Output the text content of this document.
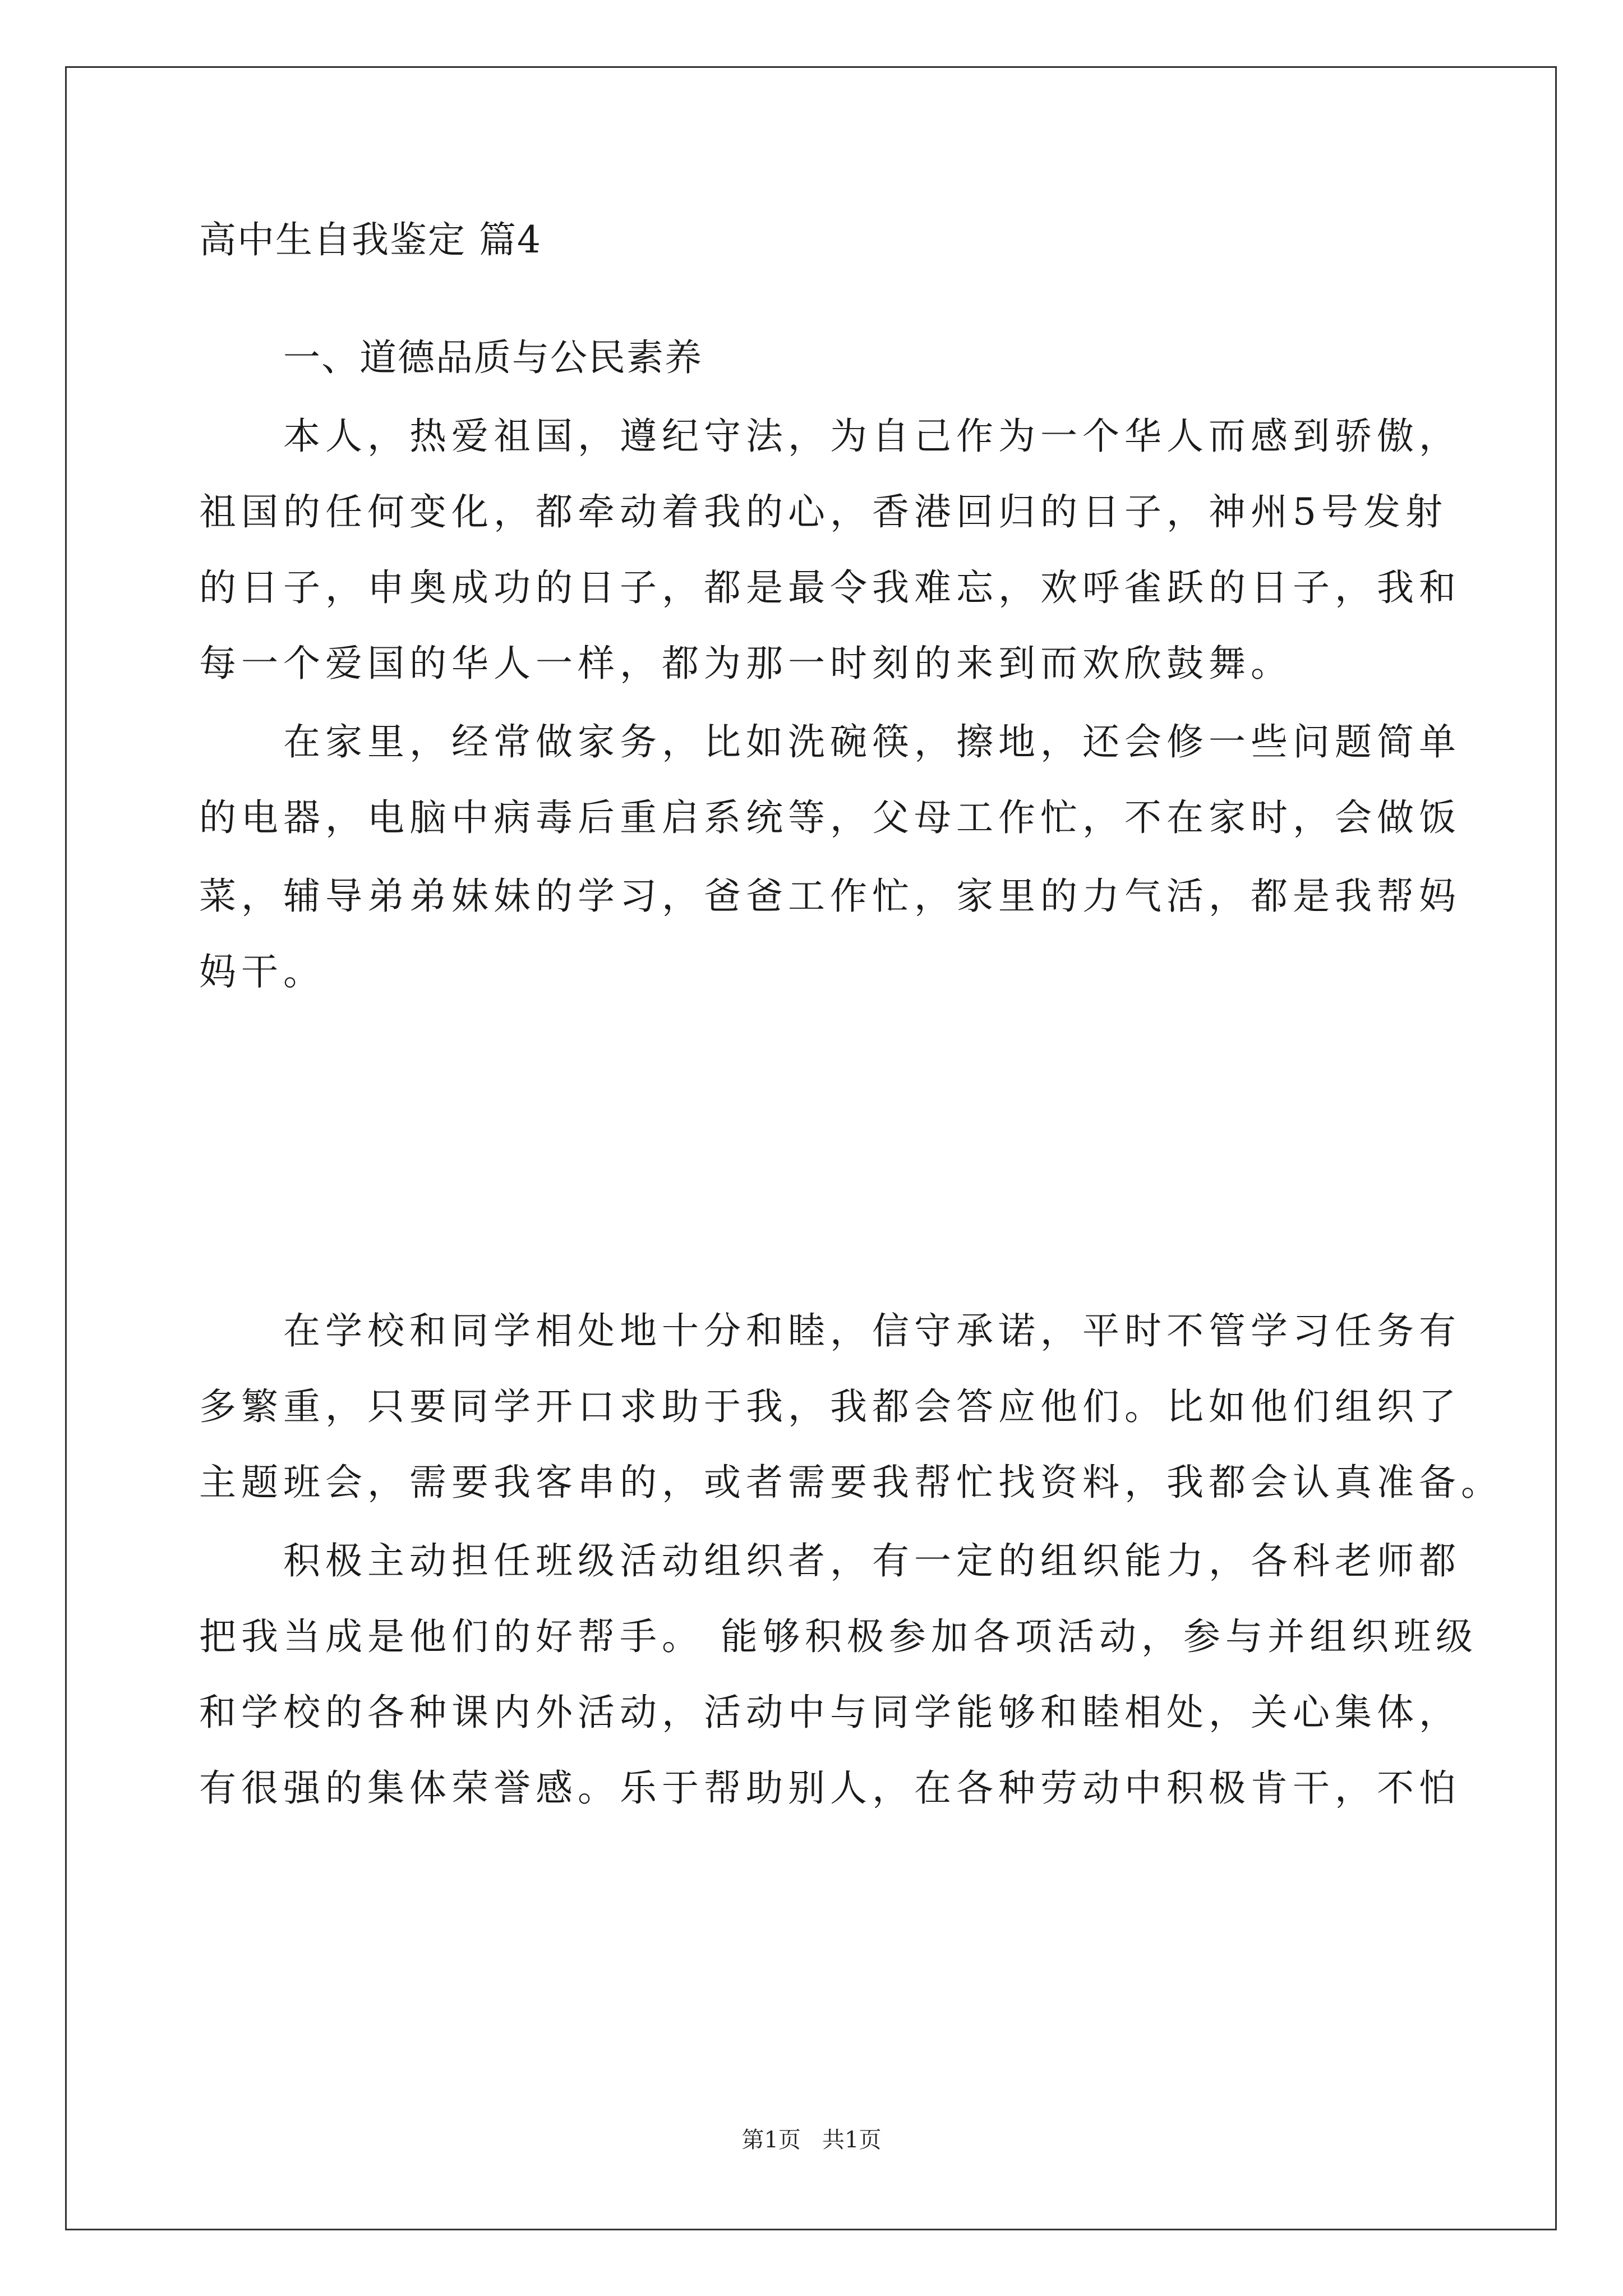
高中生自我鉴定 篇4
一、道德品质与公民素养
本人，热爱祖国，遵纪守法，为自己作为一个华人而感到骄傲，
祖国的任何变化，都牵动着我的心，香港回归的日子，神州5号发射
的日子，申奥成功的日子，都是最令我难忘，欢呼雀跃的日子，我和
每一个爱国的华人一样，都为那一时刻的来到而欢欣鼓舞。
在家里，经常做家务，比如洗碗筷，擦地，还会修一些问题简单
的电器，电脑中病毒后重启系统等，父母工作忙，不在家时，会做饭
菜，辅导弟弟妹妹的学习，爸爸工作忙，家里的力气活，都是我帮妈
妈干。
在学校和同学相处地十分和睦，信守承诺，平时不管学习任务有
多繁重，只要同学开口求助于我，我都会答应他们。比如他们组织了
主题班会，需要我客串的，或者需要我帮忙找资料，我都会认真准备。
积极主动担任班级活动组织者，有一定的组织能力，各科老师都
把我当成是他们的好帮手。 能够积极参加各项活动，参与并组织班级
和学校的各种课内外活动，活动中与同学能够和睦相处，关心集体，
有很强的集体荣誉感。乐于帮助别人，在各种劳动中积极肯干，不怕
第1页   共1页
